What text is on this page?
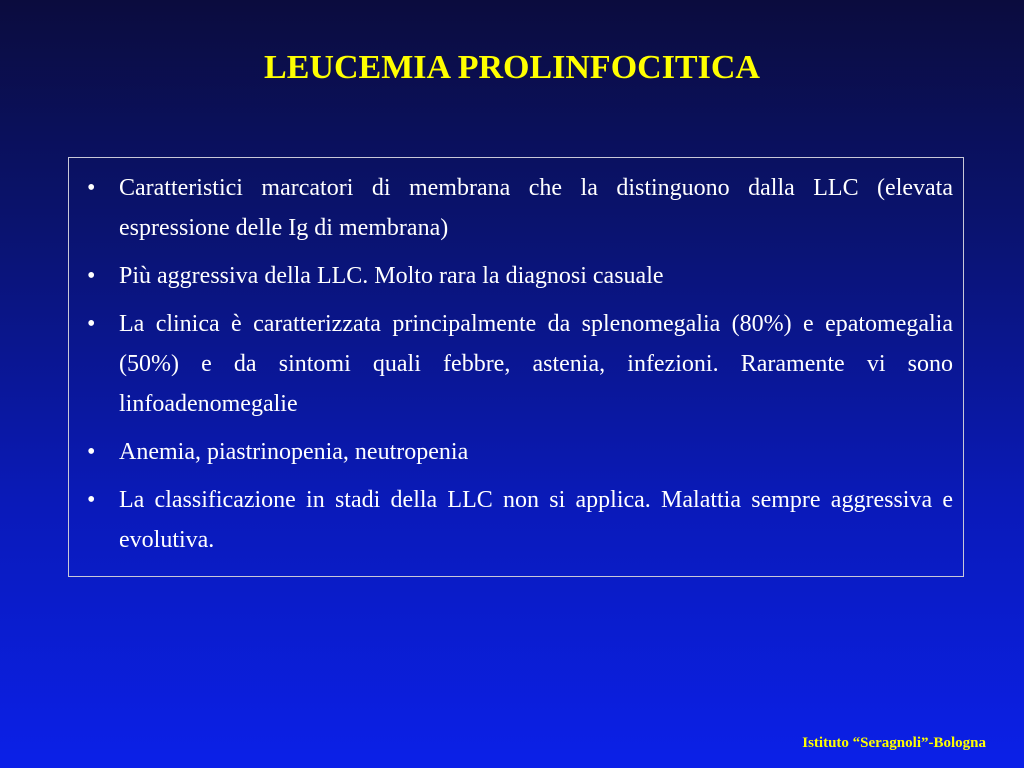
LEUCEMIA PROLINFOCITICA
• Caratteristici marcatori di membrana che la distinguono dalla LLC (elevata espressione delle Ig di membrana)
• Più aggressiva della LLC. Molto rara la diagnosi casuale
• La clinica è caratterizzata principalmente da splenomegalia (80%) e epatomegalia (50%) e da sintomi quali febbre, astenia, infezioni. Raramente vi sono linfoadenomegalie
• Anemia, piastrinopenia, neutropenia
• La classificazione in stadi della LLC non si applica. Malattia sempre aggressiva e evolutiva.
Istituto “Seragnoli”-Bologna
